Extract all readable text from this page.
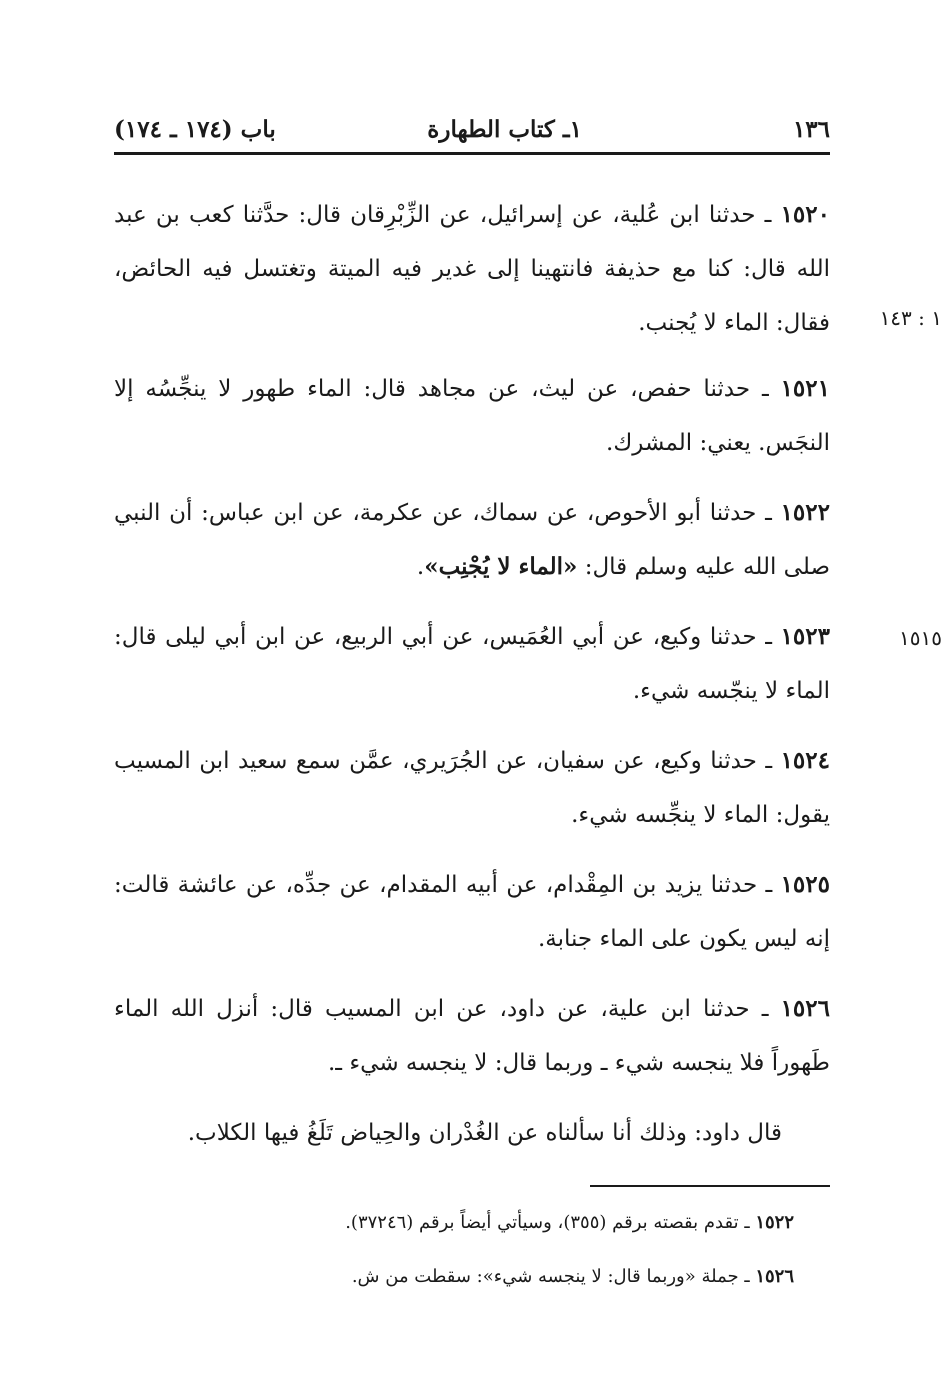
١٣٦
١ـ كتاب الطهارة
باب (١٧٤ ـ ١٧٤)
١٥٢٠ ـ حدثنا ابن عُلية، عن إسرائيل، عن الزِّبْرِقان قال: حدَّثنا كعب بن عبد الله قال: كنا مع حذيفة فانتهينا إلى غدير فيه الميتة وتغتسل فيه الحائض، فقال: الماء لا يُجنب.	١ : ١٤٣
١٥٢١ ـ حدثنا حفص، عن ليث، عن مجاهد قال: الماء طهور لا ينجِّسُه إلا النجَس. يعني: المشرك.
١٥٢٢ ـ حدثنا أبو الأحوص، عن سماك، عن عكرمة، عن ابن عباس: أن النبي صلى الله عليه وسلم قال: «الماء لا يُجْنِب».
١٥٢٣ ـ حدثنا وكيع، عن أبي العُمَيس، عن أبي الربيع، عن ابن أبي ليلى قال: الماء لا ينجّسه شيء.
١٥١٥
١٥٢٤ ـ حدثنا وكيع، عن سفيان، عن الجُرَيري، عمَّن سمع سعيد ابن المسيب يقول: الماء لا ينجِّسه شيء.
١٥٢٥ ـ حدثنا يزيد بن المِقْدام، عن أبيه المقدام، عن جدِّه، عن عائشة قالت: إنه ليس يكون على الماء جنابة.
١٥٢٦ ـ حدثنا ابن علية، عن داود، عن ابن المسيب قال: أنزل الله الماء طَهوراً فلا ينجسه شيء ـ وربما قال: لا ينجسه شيء ـ.
قال داود: وذلك أنا سألناه عن الغُدْران والحِياض تَلَغُ فيها الكلاب.
١٥٢٢ ـ تقدم بقصته برقم (٣٥٥)، وسيأتي أيضاً برقم (٣٧٢٤٦).
١٥٢٦ ـ جملة «وربما قال: لا ينجسه شيء»: سقطت من ش.
